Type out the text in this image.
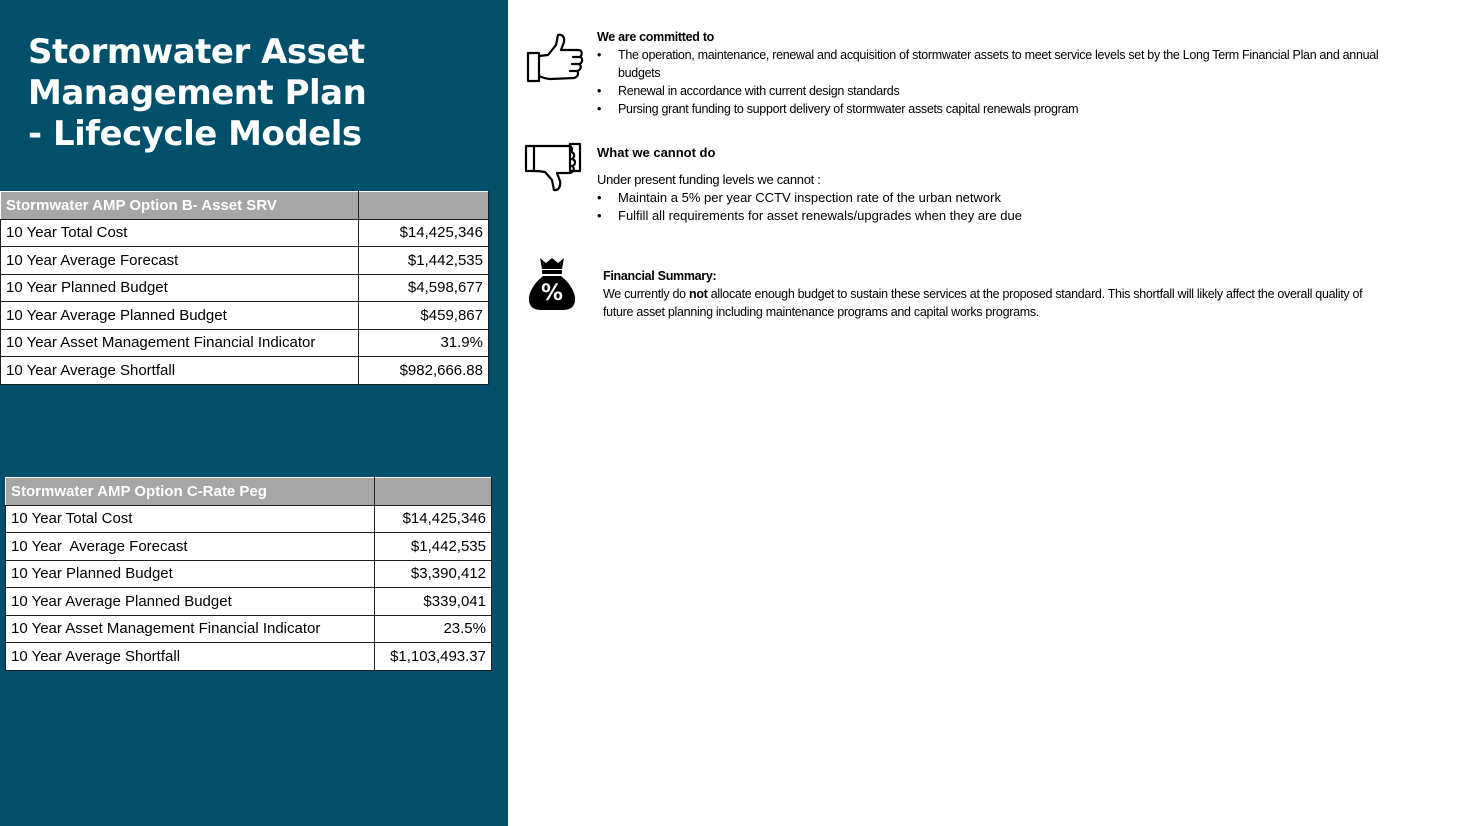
Stormwater Asset
Management Plan
- Lifecycle Models
Stormwater AMP Option B- Asset SRV	
10 Year Total Cost	$14,425,346
10 Year Average Forecast	$1,442,535
10 Year Planned Budget	$4,598,677
10 Year Average Planned Budget	$459,867
10 Year Asset Management Financial Indicator	31.9%
10 Year Average Shortfall	$982,666.88
Stormwater AMP Option C-Rate Peg	
10 Year Total Cost	$14,425,346
10 Year  Average Forecast	$1,442,535
10 Year Planned Budget	$3,390,412
10 Year Average Planned Budget	$339,041
10 Year Asset Management Financial Indicator	23.5%
10 Year Average Shortfall	$1,103,493.37
%
We are committed to
• The operation, maintenance, renewal and acquisition of stormwater assets to meet service levels set by the Long Term Financial Plan and annual budgets
• Renewal in accordance with current design standards
• Pursing grant funding to support delivery of stormwater assets capital renewals program
What we cannot do
Under present funding levels we cannot :
• Maintain a 5% per year CCTV inspection rate of the urban network
• Fulfill all requirements for asset renewals/upgrades when they are due
Financial Summary:
We currently do not allocate enough budget to sustain these services at the proposed standard. This shortfall will likely affect the overall quality of future asset planning including maintenance programs and capital works programs.
